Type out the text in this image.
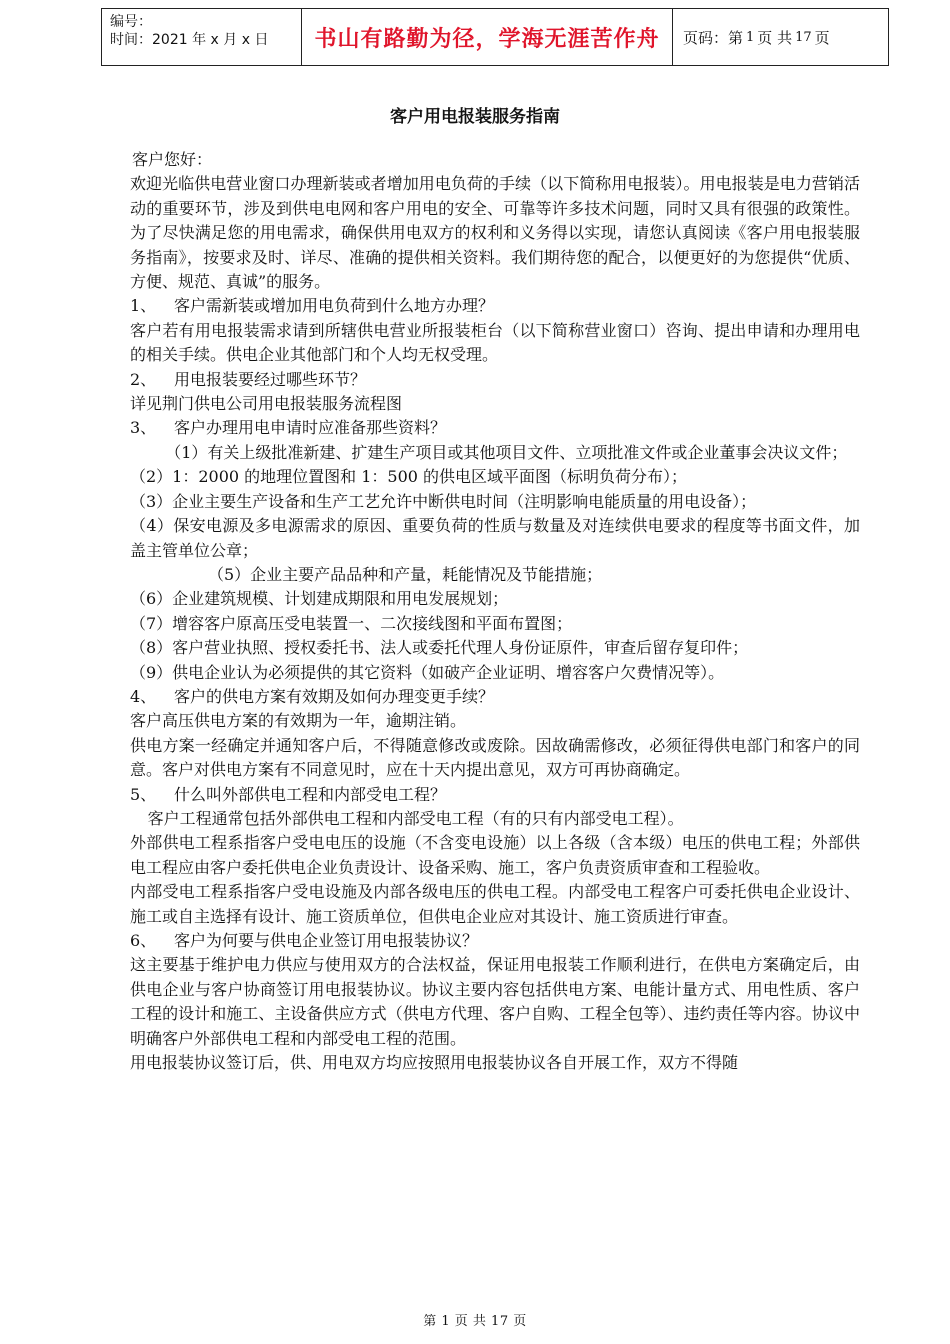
编号：
时间：2021 年 x 月 x 日	书山有路勤为径，学海无涯苦作舟	页码：第 1 页 共 17 页
客户用电报装服务指南

客户您好：

欢迎光临供电营业窗口办理新装或者增加用电负荷的手续（以下简称用电报装）。用电报装是电力营销活动的重要环节，涉及到供电电网和客户用电的安全、可靠等许多技术问题，同时又具有很强的政策性。为了尽快满足您的用电需求，确保供用电双方的权利和义务得以实现，请您认真阅读《客户用电报装服务指南》，按要求及时、详尽、准确的提供相关资料。我们期待您的配合，以便更好的为您提供“优质、方便、规范、真诚”的服务。

1、 客户需新装或增加用电负荷到什么地方办理？

客户若有用电报装需求请到所辖供电营业所报装柜台（以下简称营业窗口）咨询、提出申请和办理用电的相关手续。供电企业其他部门和个人均无权受理。

2、 用电报装要经过哪些环节？

详见荆门供电公司用电报装服务流程图

3、 客户办理用电申请时应准备那些资料？

（1）有关上级批准新建、扩建生产项目或其他项目文件、立项批准文件或企业董事会决议文件；

（2）1：2000 的地理位置图和 1：500 的供电区域平面图（标明负荷分布）；

（3）企业主要生产设备和生产工艺允许中断供电时间（注明影响电能质量的用电设备）；

（4）保安电源及多电源需求的原因、重要负荷的性质与数量及对连续供电要求的程度等书面文件，加盖主管单位公章；

（5）企业主要产品品种和产量，耗能情况及节能措施；

（6）企业建筑规模、计划建成期限和用电发展规划；

（7）增容客户原高压受电装置一、二次接线图和平面布置图；

（8）客户营业执照、授权委托书、法人或委托代理人身份证原件，审查后留存复印件；

（9）供电企业认为必须提供的其它资料（如破产企业证明、增容客户欠费情况等）。

4、 客户的供电方案有效期及如何办理变更手续？

客户高压供电方案的有效期为一年，逾期注销。

供电方案一经确定并通知客户后，不得随意修改或废除。因故确需修改，必须征得供电部门和客户的同意。客户对供电方案有不同意见时，应在十天内提出意见，双方可再协商确定。

5、 什么叫外部供电工程和内部受电工程？

客户工程通常包括外部供电工程和内部受电工程（有的只有内部受电工程）。

外部供电工程系指客户受电电压的设施（不含变电设施）以上各级（含本级）电压的供电工程；外部供电工程应由客户委托供电企业负责设计、设备采购、施工，客户负责资质审查和工程验收。

内部受电工程系指客户受电设施及内部各级电压的供电工程。内部受电工程客户可委托供电企业设计、施工或自主选择有设计、施工资质单位，但供电企业应对其设计、施工资质进行审查。

6、 客户为何要与供电企业签订用电报装协议？

这主要基于维护电力供应与使用双方的合法权益，保证用电报装工作顺利进行，在供电方案确定后，由供电企业与客户协商签订用电报装协议。协议主要内容包括供电方案、电能计量方式、用电性质、客户工程的设计和施工、主设备供应方式（供电方代理、客户自购、工程全包等）、违约责任等内容。协议中明确客户外部供电工程和内部受电工程的范围。

用电报装协议签订后，供、用电双方均应按照用电报装协议各自开展工作，双方不得随

第 1 页 共 17 页
